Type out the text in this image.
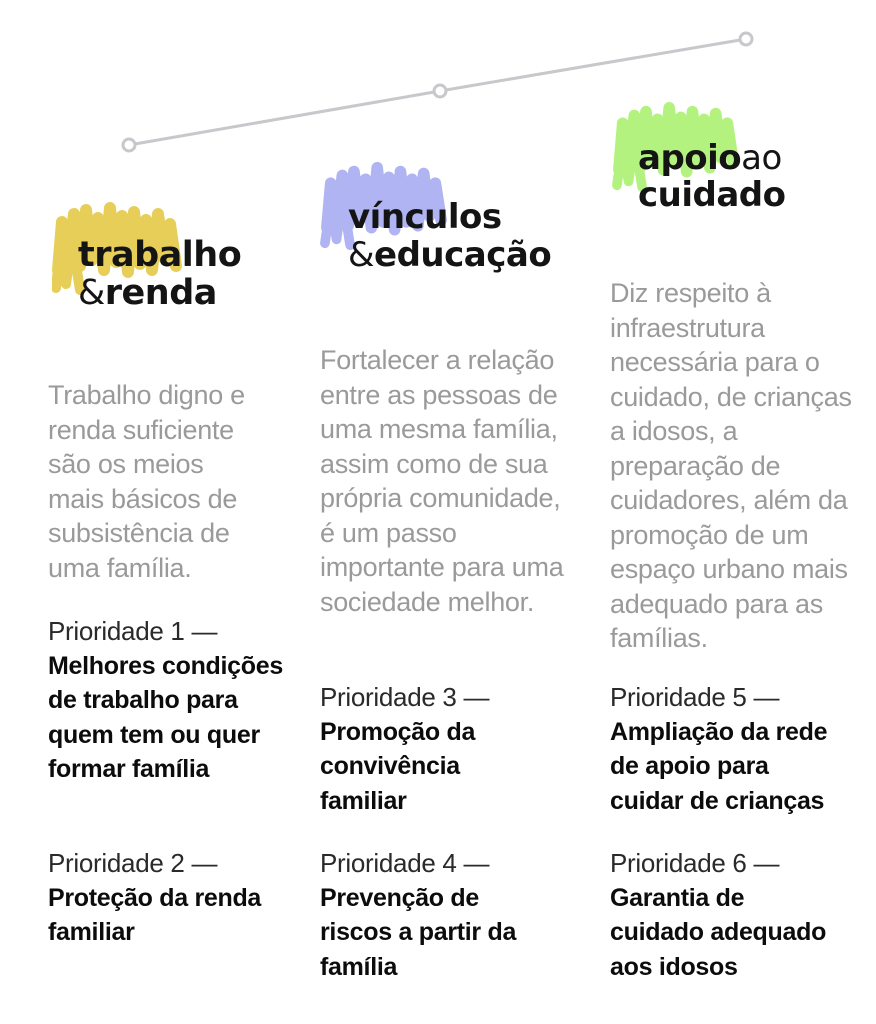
trabalho
&renda

Trabalho digno e renda suficiente são os meios mais básicos de subsistência de uma família.

Prioridade 1 —
Melhores condições de trabalho para quem tem ou quer formar família
Prioridade 2 —
Proteção da renda familiar
vínculos
&educação

Fortalecer a relação entre as pessoas de uma mesma família, assim como de sua própria comunidade, é um passo importante para uma sociedade melhor.

Prioridade 3 —
Promoção da convivência familiar
Prioridade 4 —
Prevenção de riscos a partir da família
apoioao
cuidado

Diz respeito à infraestrutura necessária para o cuidado, de crianças a idosos, a preparação de cuidadores, além da promoção de um espaço urbano mais adequado para as famílias.

Prioridade 5 —
Ampliação da rede de apoio para cuidar de crianças
Prioridade 6 —
Garantia de cuidado adequado aos idosos
